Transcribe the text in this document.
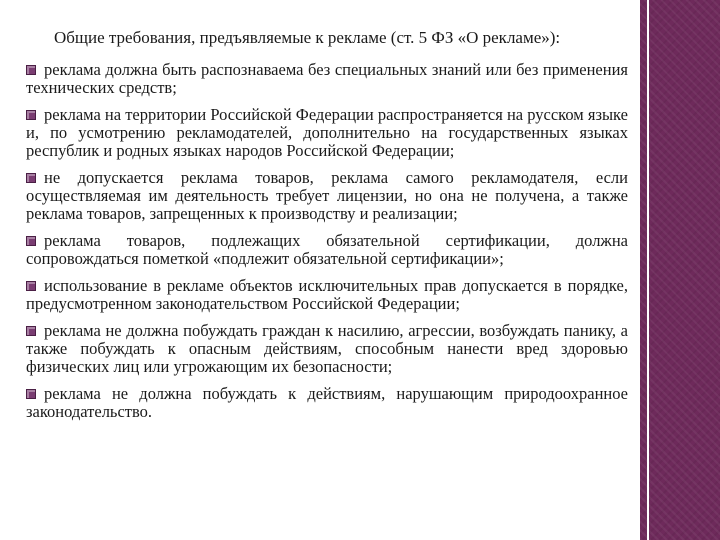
Общие требования, предъявляемые к рекламе (ст. 5 ФЗ «О рекламе»):

реклама должна быть распознаваема без специальных знаний или без применения технических средств;
реклама на территории Российской Федерации распространяется на русском языке и, по усмотрению рекламодателей, дополнительно на государственных языках республик и родных языках народов Российской Федерации;
не допускается реклама товаров, реклама самого рекламодателя, если осуществляемая им деятельность требует лицензии, но она не получена, а также реклама товаров, запрещенных к производству и реализации;
реклама товаров, подлежащих обязательной сертификации, должна сопровождаться пометкой «подлежит обязательной сертификации»;
использование в рекламе объектов исключительных прав допускается в порядке, предусмотренном законодательством Российской Федерации;
реклама не должна побуждать граждан к насилию, агрессии, возбуждать панику, а также побуждать к опасным действиям, способным нанести вред здоровью физических лиц или угрожающим их безопасности;
реклама не должна побуждать к действиям, нарушающим природоохранное законодательство.
